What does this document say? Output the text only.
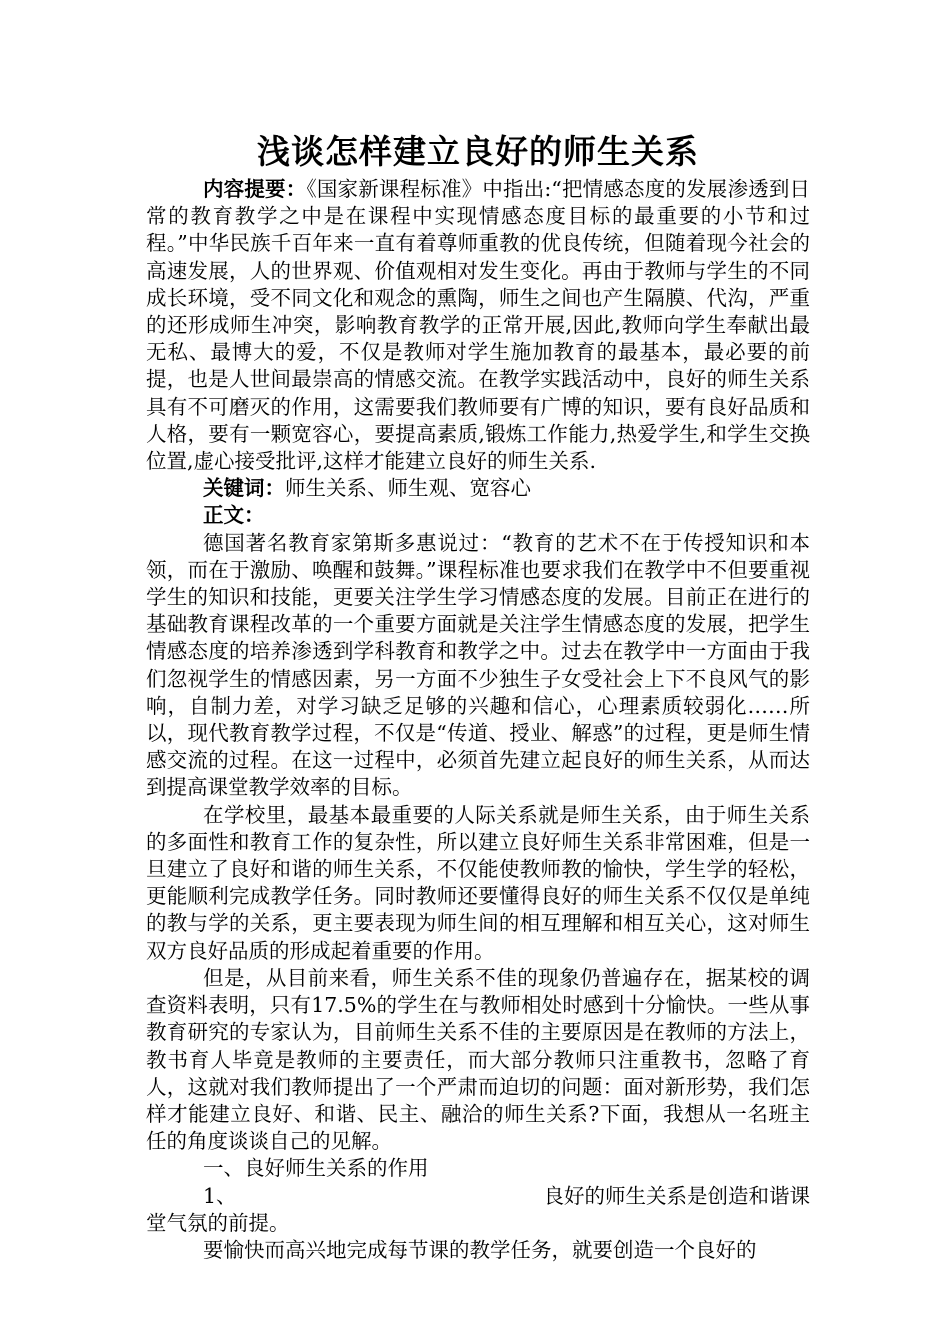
浅谈怎样建立良好的师生关系

内容提要：《国家新课程标准》中指出:“把情感态度的发展渗透到日常的教育教学之中是在课程中实现情感态度目标的最重要的小节和过程。”中华民族千百年来一直有着尊师重教的优良传统，但随着现今社会的高速发展，人的世界观、价值观相对发生变化。再由于教师与学生的不同成长环境，受不同文化和观念的熏陶，师生之间也产生隔膜、代沟，严重的还形成师生冲突，影响教育教学的正常开展,因此,教师向学生奉献出最无私、最博大的爱，不仅是教师对学生施加教育的最基本，最必要的前提，也是人世间最崇高的情感交流。在教学实践活动中，良好的师生关系具有不可磨灭的作用，这需要我们教师要有广博的知识，要有良好品质和人格，要有一颗宽容心，要提高素质,锻炼工作能力,热爱学生,和学生交换位置,虚心接受批评,这样才能建立良好的师生关系.

关键词：师生关系、师生观、宽容心

正文：

德国著名教育家第斯多惠说过：“教育的艺术不在于传授知识和本领，而在于激励、唤醒和鼓舞。”课程标准也要求我们在教学中不但要重视学生的知识和技能，更要关注学生学习情感态度的发展。目前正在进行的基础教育课程改革的一个重要方面就是关注学生情感态度的发展，把学生情感态度的培养渗透到学科教育和教学之中。过去在教学中一方面由于我们忽视学生的情感因素，另一方面不少独生子女受社会上下不良风气的影响，自制力差，对学习缺乏足够的兴趣和信心，心理素质较弱化……所以，现代教育教学过程，不仅是“传道、授业、解惑”的过程，更是师生情感交流的过程。在这一过程中，必须首先建立起良好的师生关系，从而达到提高课堂教学效率的目标。

在学校里，最基本最重要的人际关系就是师生关系，由于师生关系的多面性和教育工作的复杂性，所以建立良好师生关系非常困难，但是一旦建立了良好和谐的师生关系，不仅能使教师教的愉快，学生学的轻松，更能顺利完成教学任务。同时教师还要懂得良好的师生关系不仅仅是单纯的教与学的关系，更主要表现为师生间的相互理解和相互关心，这对师生双方良好品质的形成起着重要的作用。

但是，从目前来看，师生关系不佳的现象仍普遍存在，据某校的调查资料表明，只有17.5%的学生在与教师相处时感到十分愉快。一些从事教育研究的专家认为，目前师生关系不佳的主要原因是在教师的方法上，教书育人毕竟是教师的主要责任，而大部分教师只注重教书，忽略了育人，这就对我们教师提出了一个严肃而迫切的问题：面对新形势，我们怎样才能建立良好、和谐、民主、融洽的师生关系?下面，我想从一名班主任的角度谈谈自己的见解。

一、良好师生关系的作用

1、	良好的师生关系是创造和谐课

堂气氛的前提。

要愉快而高兴地完成每节课的教学任务，就要创造一个良好的
